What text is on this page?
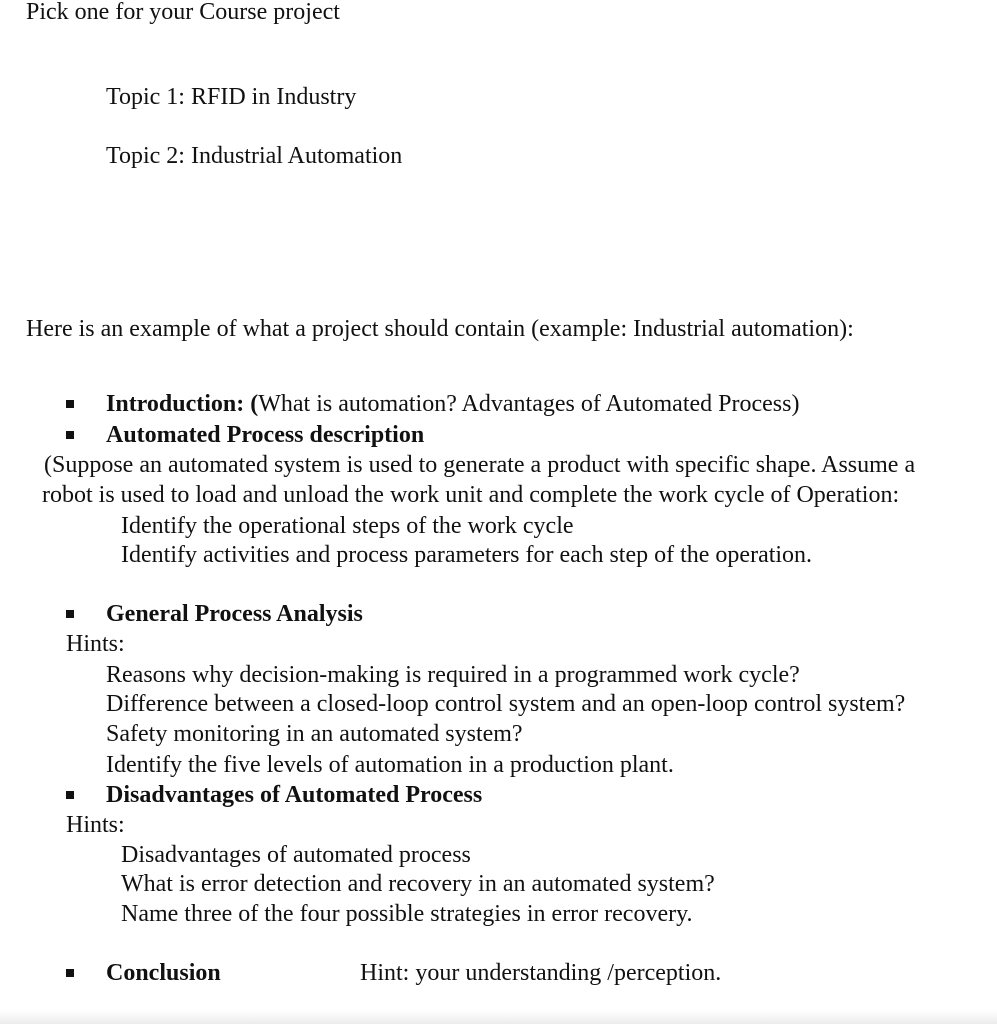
Pick one for your Course project
Topic 1: RFID in Industry
Topic 2: Industrial Automation
Here is an example of what a project should contain (example: Industrial automation):
Introduction: (What is automation? Advantages of Automated Process)
Automated Process description
(Suppose an automated system is used to generate a product with specific shape. Assume a
robot is used to load and unload the work unit and complete the work cycle of Operation:
Identify the operational steps of the work cycle
Identify activities and process parameters for each step of the operation.
General Process Analysis
Hints:
Reasons why decision-making is required in a programmed work cycle?
Difference between a closed-loop control system and an open-loop control system?
Safety monitoring in an automated system?
Identify the five levels of automation in a production plant.
Disadvantages of Automated Process
Hints:
Disadvantages of automated process
What is error detection and recovery in an automated system?
Name three of the four possible strategies in error recovery.
Conclusion	Hint: your understanding /perception.
